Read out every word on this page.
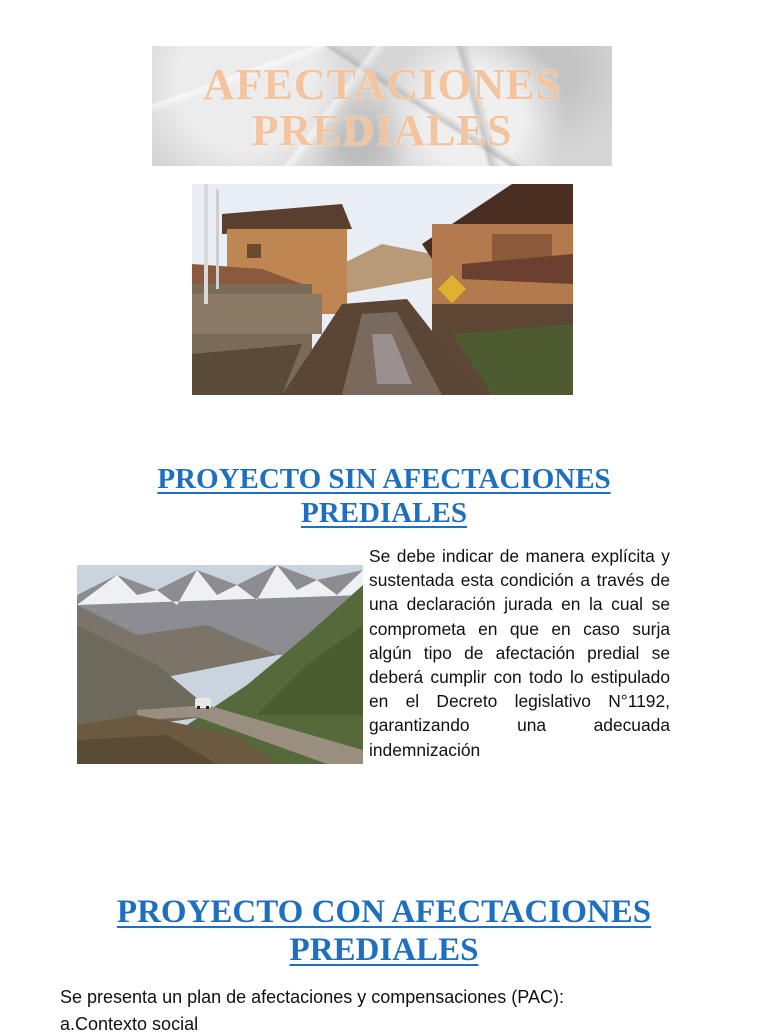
AFECTACIONES
PREDIALES
PROYECTO SIN AFECTACIONES
PREDIALES
Se debe indicar de manera explícita y sustentada esta condición a través de una declaración jurada en la cual se comprometa en que en caso surja algún tipo de afectación predial se deberá cumplir con todo lo estipulado en el Decreto legislativo N°1192, garantizando una adecuada indemnización
PROYECTO CON AFECTACIONES
PREDIALES
Se presenta un plan de afectaciones y compensaciones (PAC):
a.Contexto social
